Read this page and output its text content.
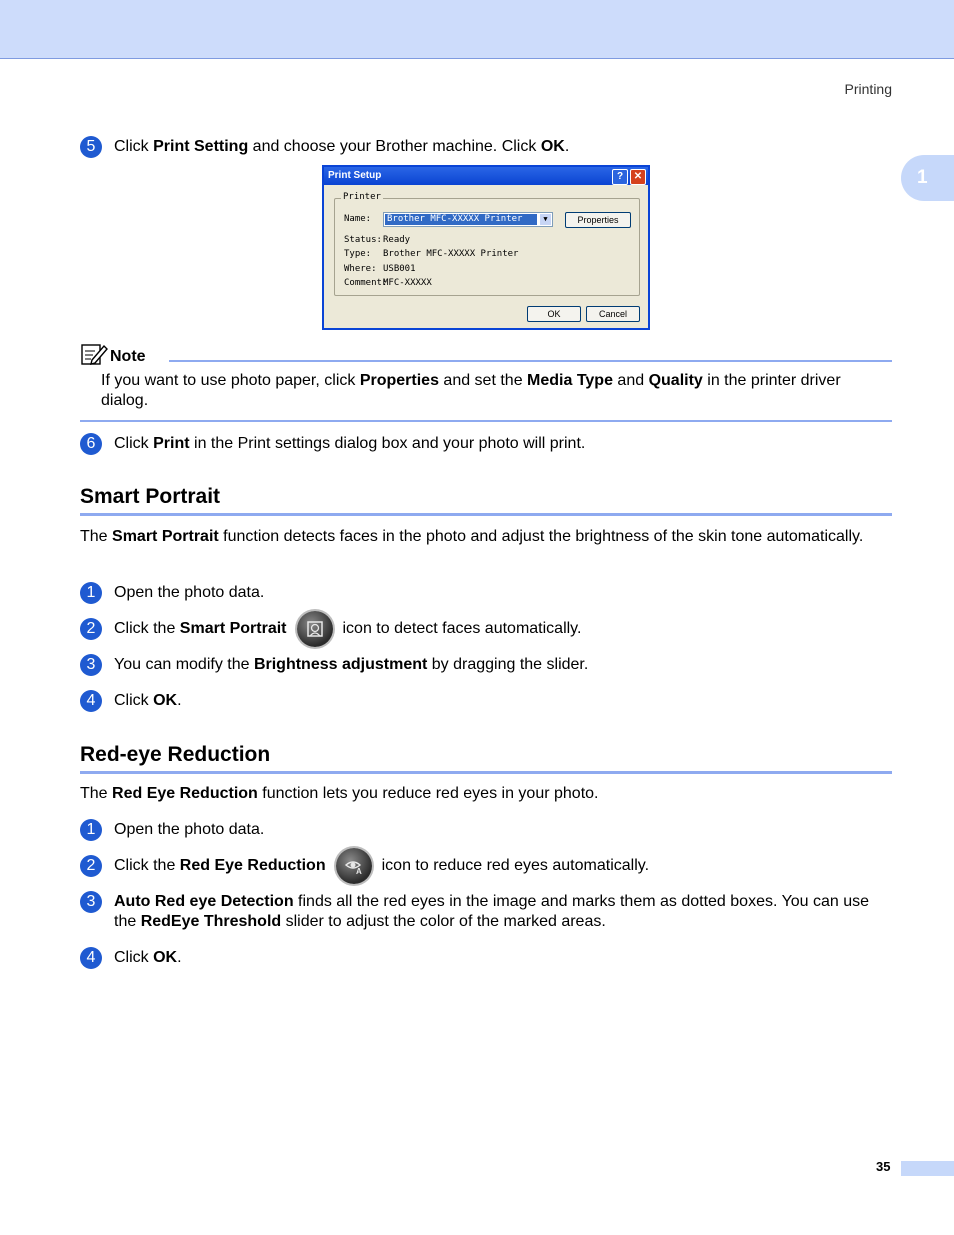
Printing
1
5	Click Print Setting and choose your Brother machine. Click OK.
Print Setup	?	✕
Printer
Name: Brother MFC-XXXXX Printer	▼	Properties
Status: Ready
Type: Brother MFC-XXXXX Printer
Where: USB001
Comment:
MFC-XXXXX
OK	Cancel
Note
If you want to use photo paper, click Properties and set the Media Type and Quality in the printer driver dialog.
6	Click Print in the Print settings dialog box and your photo will print.
Smart Portrait
The Smart Portrait function detects faces in the photo and adjust the brightness of the skin tone automatically.
1	Open the photo data.
2	Click the Smart Portrait	icon to detect faces automatically.
3	You can modify the Brightness adjustment by dragging the slider.
4	Click OK.
Red-eye Reduction
The Red Eye Reduction function lets you reduce red eyes in your photo.
1	Open the photo data.
2	Click the Red Eye Reduction	A icon to reduce red eyes automatically.
3	Auto Red eye Detection finds all the red eyes in the image and marks them as dotted boxes. You can use the RedEye Threshold slider to adjust the color of the marked areas.
4	Click OK.
35
